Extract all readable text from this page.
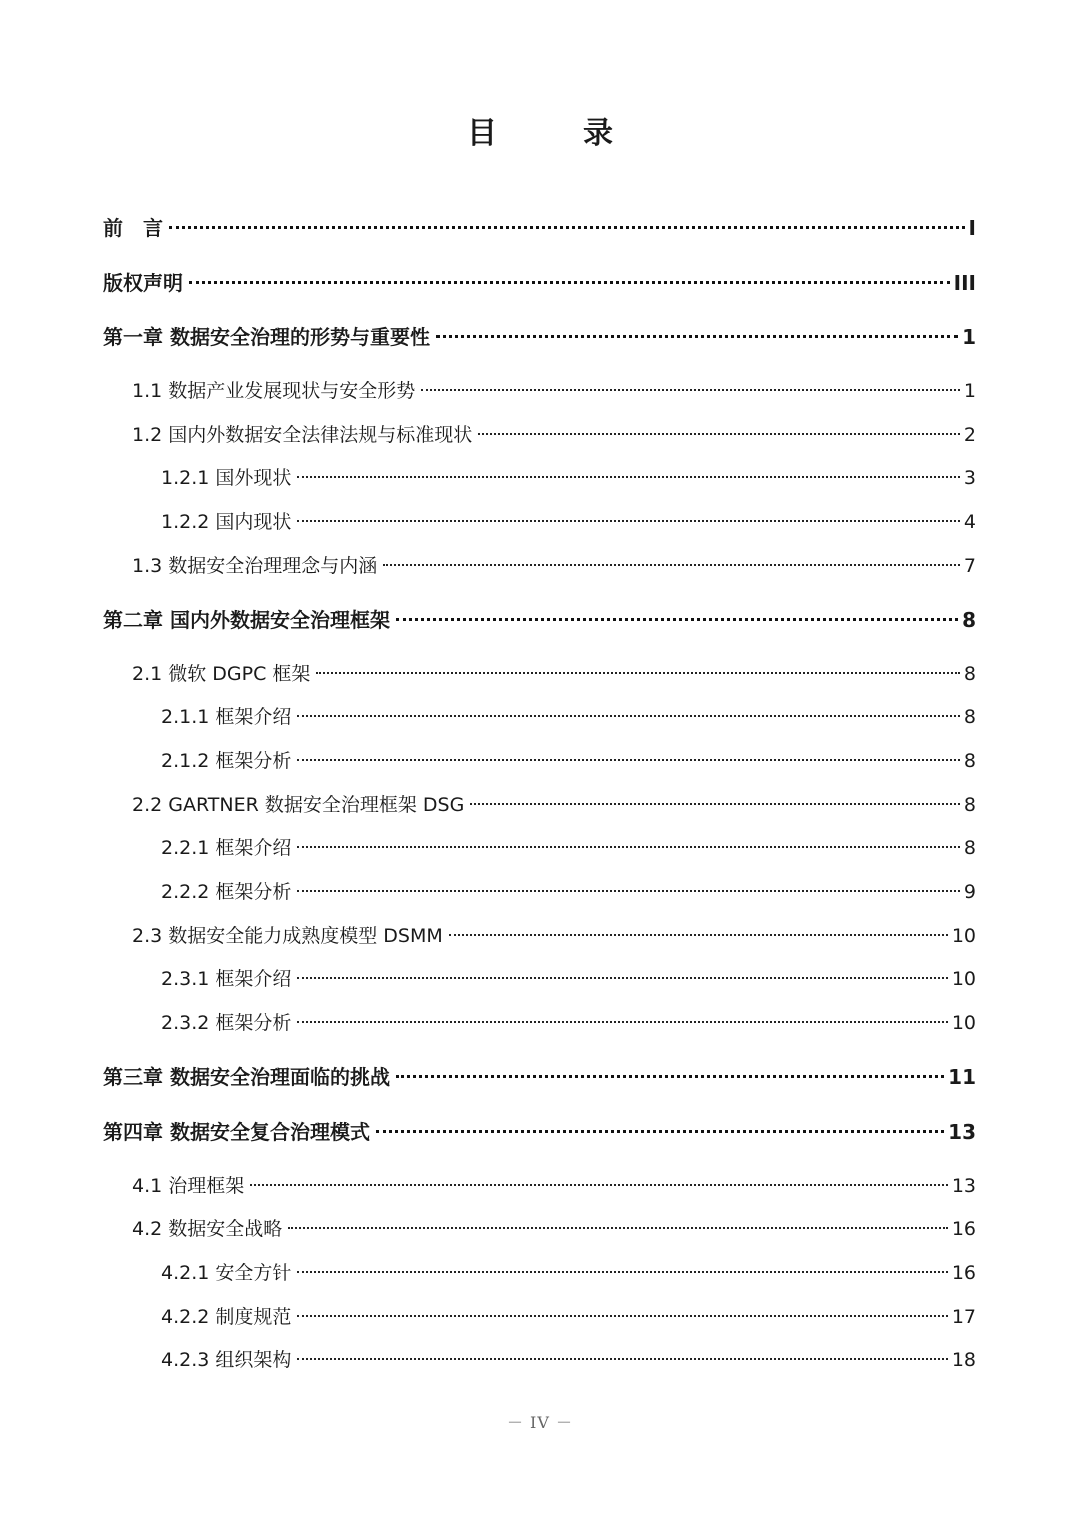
目　录
前　言	I
版权声明	III
第一章 数据安全治理的形势与重要性	1
1.1 数据产业发展现状与安全形势	1
1.2 国内外数据安全法律法规与标准现状	2
1.2.1 国外现状	3
1.2.2 国内现状	4
1.3 数据安全治理理念与内涵	7
第二章 国内外数据安全治理框架	8
2.1 微软 DGPC 框架	8
2.1.1 框架介绍	8
2.1.2 框架分析	8
2.2 GARTNER 数据安全治理框架 DSG	8
2.2.1 框架介绍	8
2.2.2 框架分析	9
2.3 数据安全能力成熟度模型 DSMM	10
2.3.1 框架介绍	10
2.3.2 框架分析	10
第三章 数据安全治理面临的挑战	11
第四章 数据安全复合治理模式	13
4.1 治理框架	13
4.2 数据安全战略	16
4.2.1 安全方针	16
4.2.2 制度规范	17
4.2.3 组织架构	18
－ IV －
